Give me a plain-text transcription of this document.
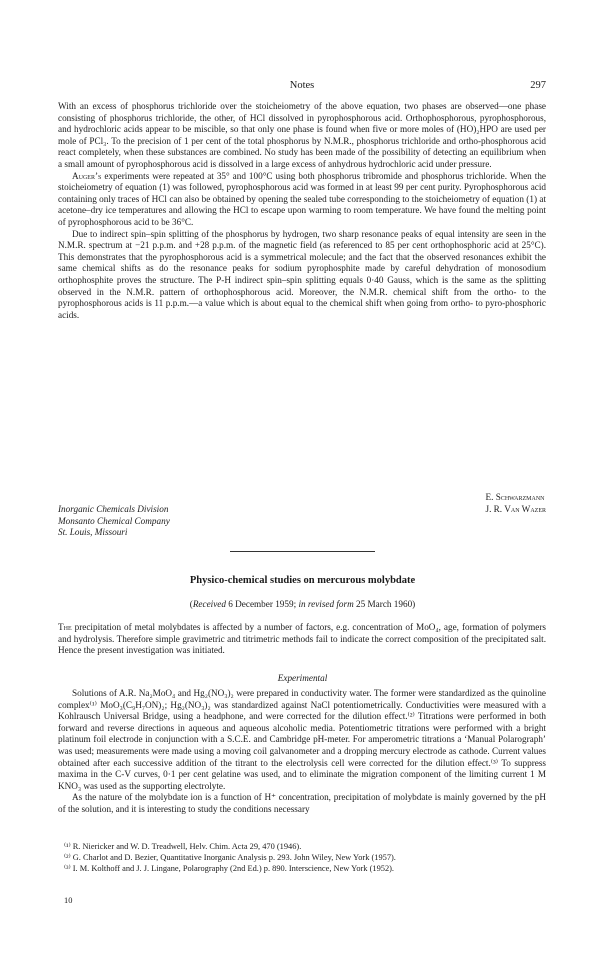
Notes	297

With an excess of phosphorus trichloride over the stoicheiometry of the above equation, two phases are observed—one phase consisting of phosphorus trichloride, the other, of HCl dissolved in pyrophosphorous acid. Orthophosphorous, pyrophosphorous, and hydrochloric acids appear to be miscible, so that only one phase is found when five or more moles of (HO)₂HPO are used per mole of PCl₃. To the precision of 1 per cent of the total phosphorus by N.M.R., phosphorus trichloride and ortho-phosphorous acid react completely, when these substances are combined. No study has been made of the possibility of detecting an equilibrium when a small amount of pyrophosphorous acid is dissolved in a large excess of anhydrous hydrochloric acid under pressure.

Auger’s experiments were repeated at 35° and 100°C using both phosphorus tribromide and phosphorus trichloride. When the stoicheiometry of equation (1) was followed, pyrophosphorous acid was formed in at least 99 per cent purity. Pyrophosphorous acid containing only traces of HCl can also be obtained by opening the sealed tube corresponding to the stoicheiometry of equation (1) at acetone–dry ice temperatures and allowing the HCl to escape upon warming to room temperature. We have found the melting point of pyrophosphorous acid to be 36°C.

Due to indirect spin–spin splitting of the phosphorus by hydrogen, two sharp resonance peaks of equal intensity are seen in the N.M.R. spectrum at −21 p.p.m. and +28 p.p.m. of the magnetic field (as referenced to 85 per cent orthophosphoric acid at 25°C). This demonstrates that the pyrophosphorous acid is a symmetrical molecule; and the fact that the observed resonances exhibit the same chemical shifts as do the resonance peaks for sodium pyrophosphite made by careful dehydration of monosodium orthophosphite proves the structure. The P-H indirect spin–spin splitting equals 0·40 Gauss, which is the same as the splitting observed in the N.M.R. pattern of orthophosphorous acid. Moreover, the N.M.R. chemical shift from the ortho- to the pyrophosphorous acids is 11 p.p.m.—a value which is about equal to the chemical shift when going from ortho- to pyro-phosphoric acids.

E. Schwarzmann
J. R. Van Wazer
Inorganic Chemicals Division
Monsanto Chemical Company
St. Louis, Missouri
Physico-chemical studies on mercurous molybdate
(Received 6 December 1959; in revised form 25 March 1960)

The precipitation of metal molybdates is affected by a number of factors, e.g. concentration of MoO₄, age, formation of polymers and hydrolysis. Therefore simple gravimetric and titrimetric methods fail to indicate the correct composition of the precipitated salt. Hence the present investigation was initiated.

Experimental

Solutions of A.R. Na₂MoO₄ and Hg₂(NO₃)₂ were prepared in conductivity water. The former were standardized as the quinoline complex⁽¹⁾ MoO₃(C₉H₇ON)₂; Hg₂(NO₃)₂ was standardized against NaCl potentiometrically. Conductivities were measured with a Kohlrausch Universal Bridge, using a headphone, and were corrected for the dilution effect.⁽²⁾ Titrations were performed in both forward and reverse directions in aqueous and aqueous alcoholic media. Potentiometric titrations were performed with a bright platinum foil electrode in conjunction with a S.C.E. and Cambridge pH-meter. For amperometric titrations a ‘Manual Polarograph’ was used; measurements were made using a moving coil galvanometer and a dropping mercury electrode as cathode. Current values obtained after each successive addition of the titrant to the electrolysis cell were corrected for the dilution effect.⁽³⁾ To suppress maxima in the C-V curves, 0·1 per cent gelatine was used, and to eliminate the migration component of the limiting current 1 M KNO₃ was used as the supporting electrolyte.

As the nature of the molybdate ion is a function of H⁺ concentration, precipitation of molybdate is mainly governed by the pH of the solution, and it is interesting to study the conditions necessary

⁽¹⁾ R. Niericker and W. D. Treadwell, Helv. Chim. Acta 29, 470 (1946).
⁽²⁾ G. Charlot and D. Bezier, Quantitative Inorganic Analysis p. 293. John Wiley, New York (1957).
⁽³⁾ I. M. Kolthoff and J. J. Lingane, Polarography (2nd Ed.) p. 890. Interscience, New York (1952).
10
